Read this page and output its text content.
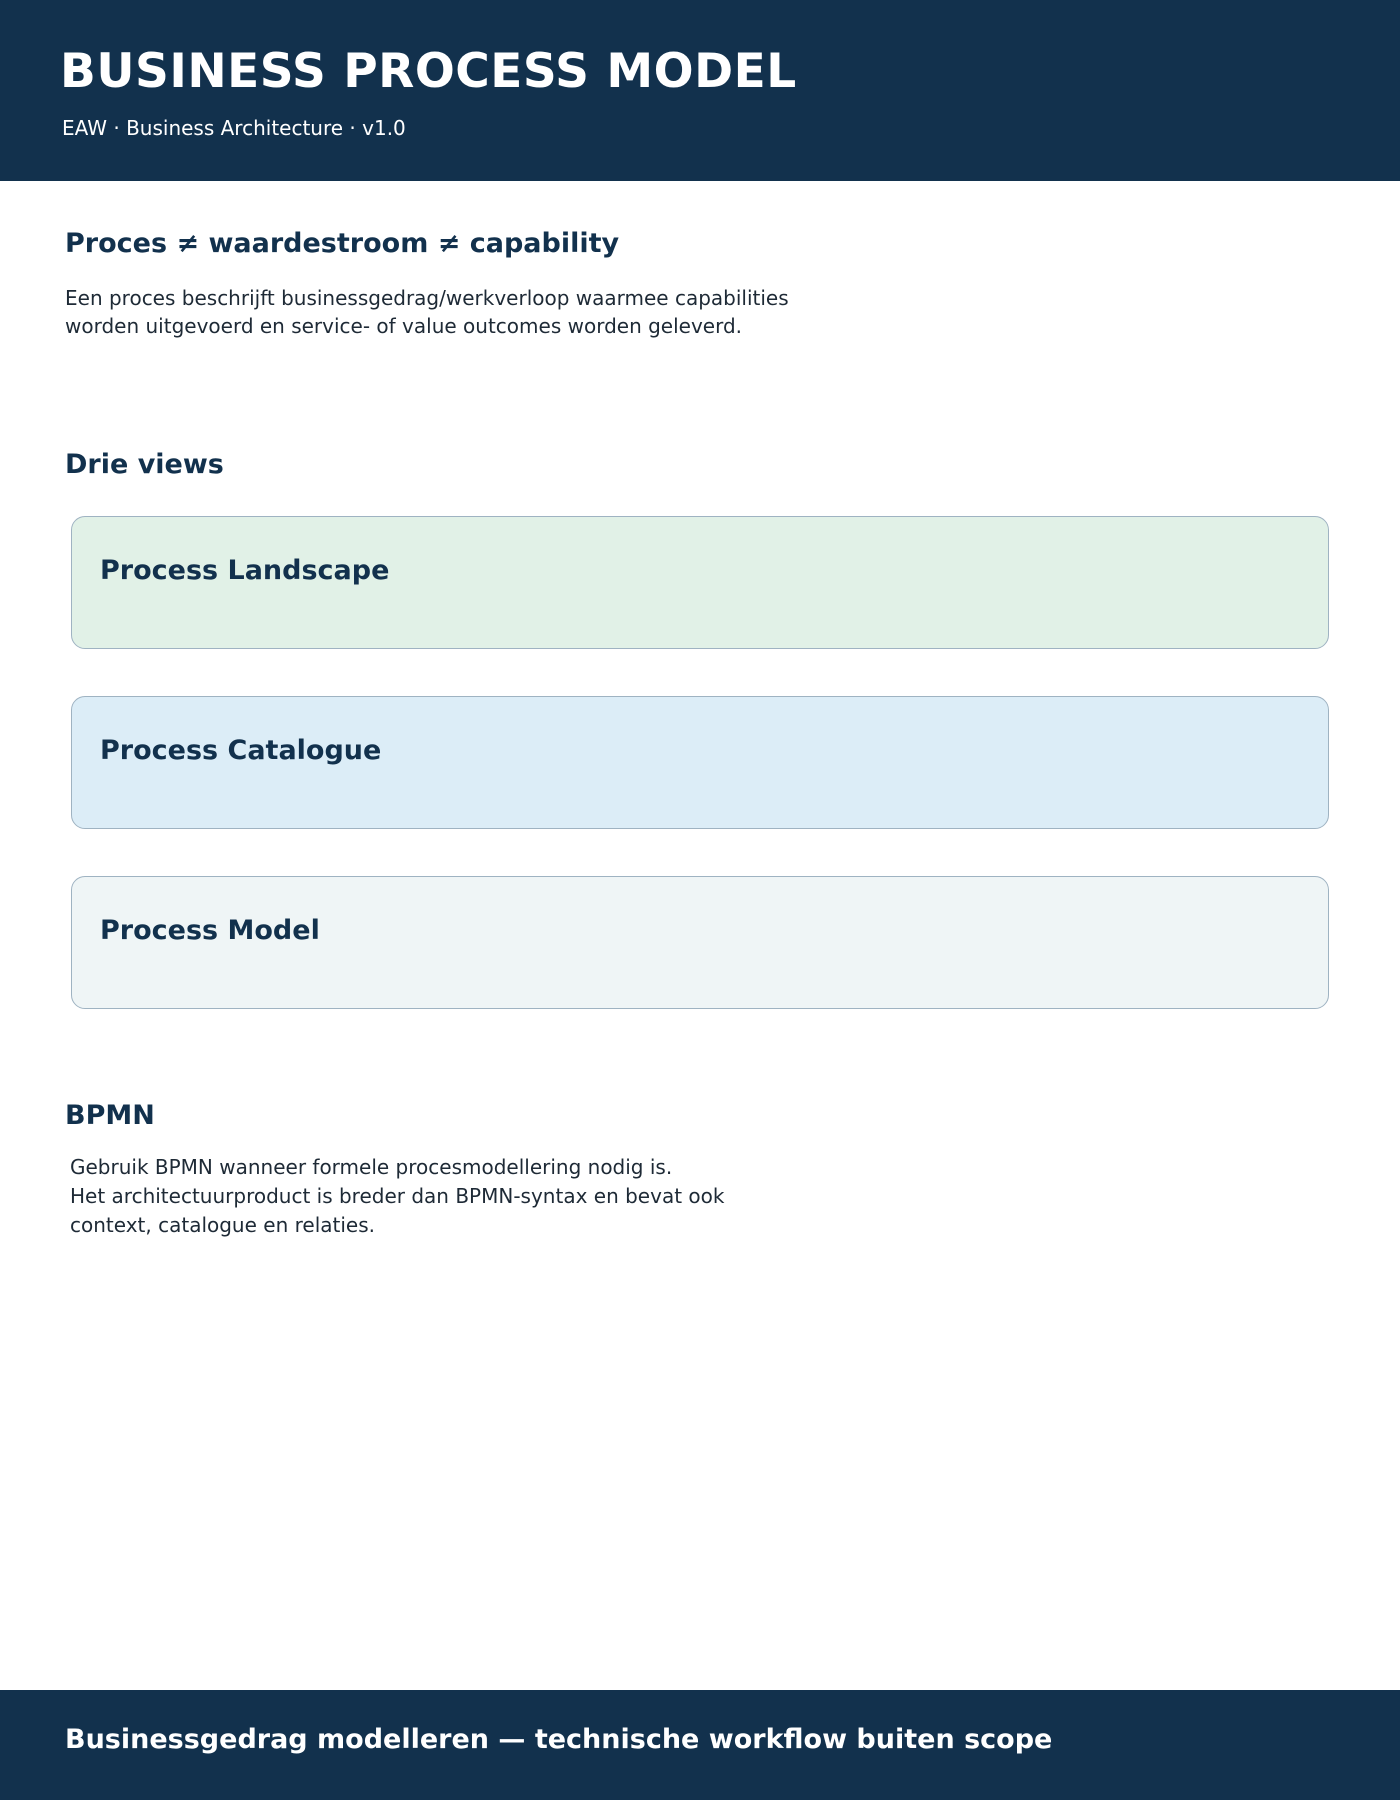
BUSINESS PROCESS MODEL
EAW · Business Architecture · v1.0
Proces ≠ waardestroom ≠ capability
Een proces beschrijft businessgedrag/werkverloop waarmee capabilities
worden uitgevoerd en service- of value outcomes worden geleverd.
Drie views
Process Landscape
Process Catalogue
Process Model
BPMN
Gebruik BPMN wanneer formele procesmodellering nodig is.
Het architectuurproduct is breder dan BPMN-syntax en bevat ook
context, catalogue en relaties.
Businessgedrag modelleren — technische workflow buiten scope
